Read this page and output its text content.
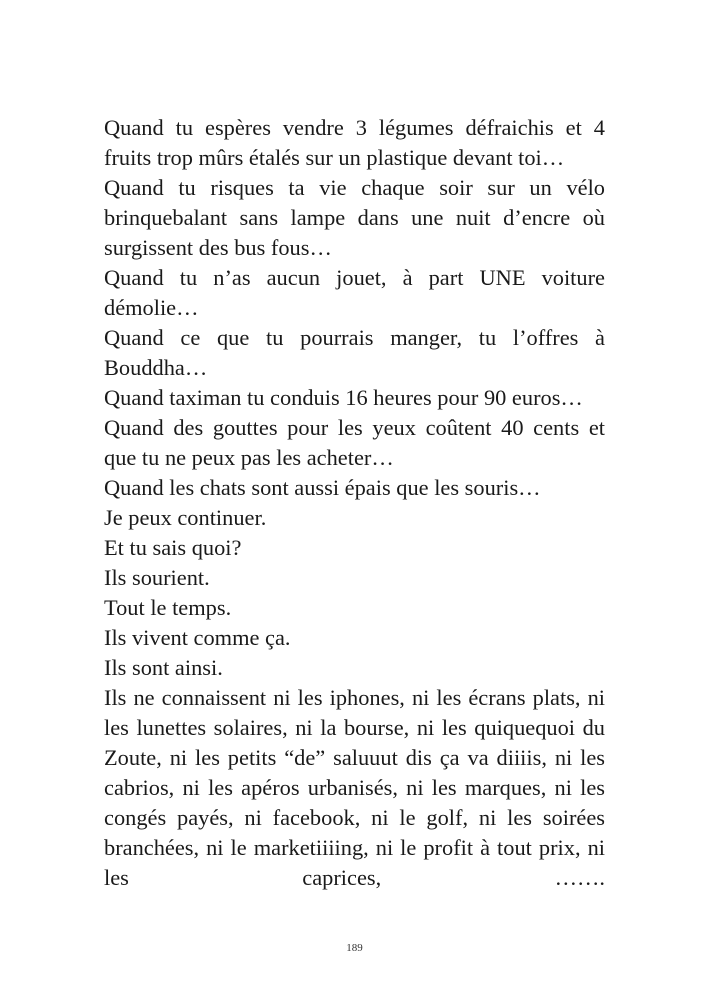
Quand tu espères vendre 3 légumes défraichis et 4 fruits trop mûrs étalés sur un plastique devant toi…

Quand tu risques ta vie chaque soir sur un vélo brinquebalant sans lampe dans une nuit d’encre où surgissent des bus fous…

Quand tu n’as aucun jouet, à part UNE voiture démolie…

Quand ce que tu pourrais manger, tu l’offres à Bouddha…

Quand taximan tu conduis 16 heures pour 90 euros…

Quand des gouttes pour les yeux coûtent 40 cents et que tu ne peux pas les acheter…

Quand les chats sont aussi épais que les souris…

Je peux continuer.

Et tu sais quoi?

Ils sourient.

Tout le temps.

Ils vivent comme ça.

Ils sont ainsi.

Ils ne connaissent ni les iphones, ni les écrans plats, ni les lunettes solaires, ni la bourse, ni les quiquequoi du Zoute, ni les petits “de” saluuut dis ça va diiiis, ni les cabrios, ni les apéros urbanisés, ni les marques, ni les congés payés, ni facebook, ni le golf, ni les soirées branchées, ni le marketiiiing, ni le profit à tout prix, ni les caprices, …….

189
